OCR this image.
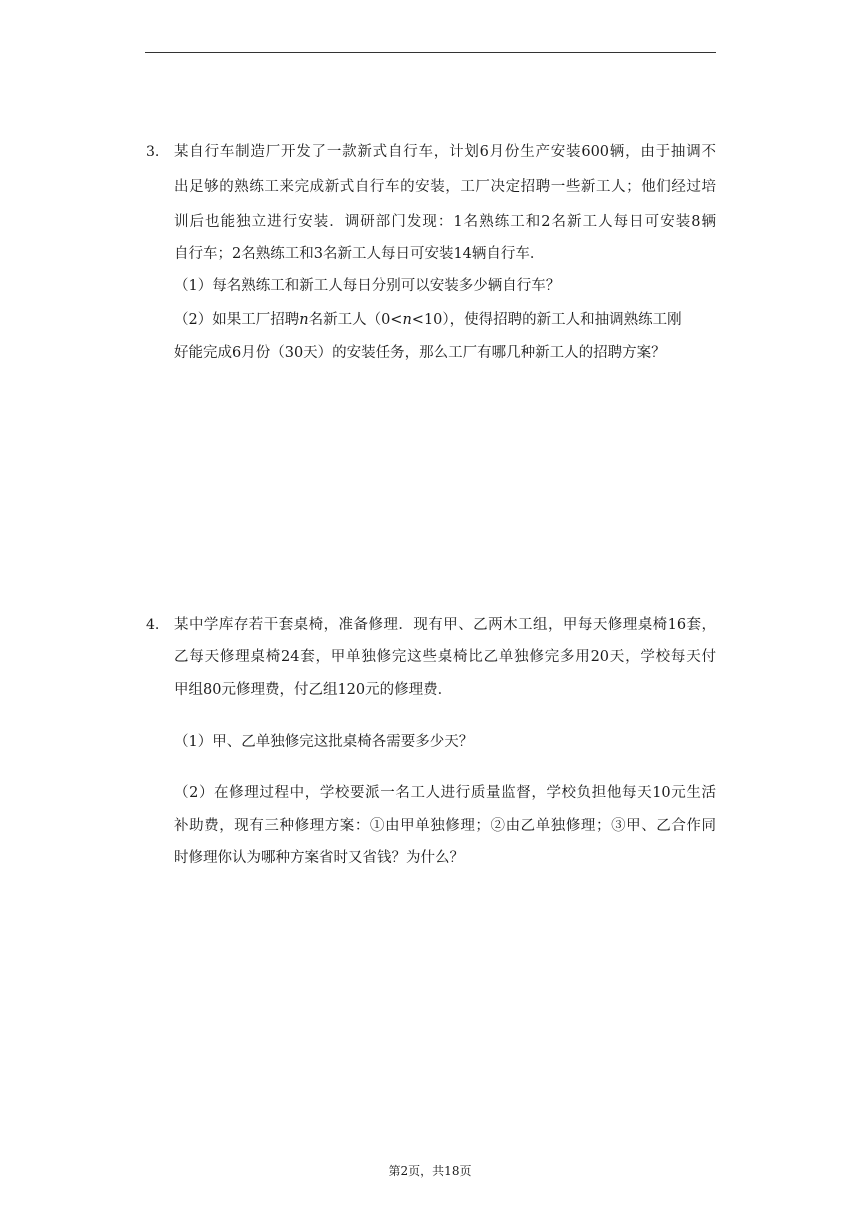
3. 某自行车制造厂开发了一款新式自行车，计划6月份生产安装600辆，由于抽调不
出足够的熟练工来完成新式自行车的安装，工厂决定招聘一些新工人；他们经过培
训后也能独立进行安装．调研部门发现：1名熟练工和2名新工人每日可安装8辆
自行车；2名熟练工和3名新工人每日可安装14辆自行车．
（1）每名熟练工和新工人每日分别可以安装多少辆自行车？
（2）如果工厂招聘n名新工人（0<n<10），使得招聘的新工人和抽调熟练工刚
好能完成6月份（30天）的安装任务，那么工厂有哪几种新工人的招聘方案？
4. 某中学库存若干套桌椅，准备修理．现有甲、乙两木工组，甲每天修理桌椅16套，
乙每天修理桌椅24套，甲单独修完这些桌椅比乙单独修完多用20天，学校每天付
甲组80元修理费，付乙组120元的修理费．
（1）甲、乙单独修完这批桌椅各需要多少天？
（2）在修理过程中，学校要派一名工人进行质量监督，学校负担他每天10元生活
补助费，现有三种修理方案：①由甲单独修理；②由乙单独修理；③甲、乙合作同
时修理你认为哪种方案省时又省钱？为什么？
第2页，共18页
